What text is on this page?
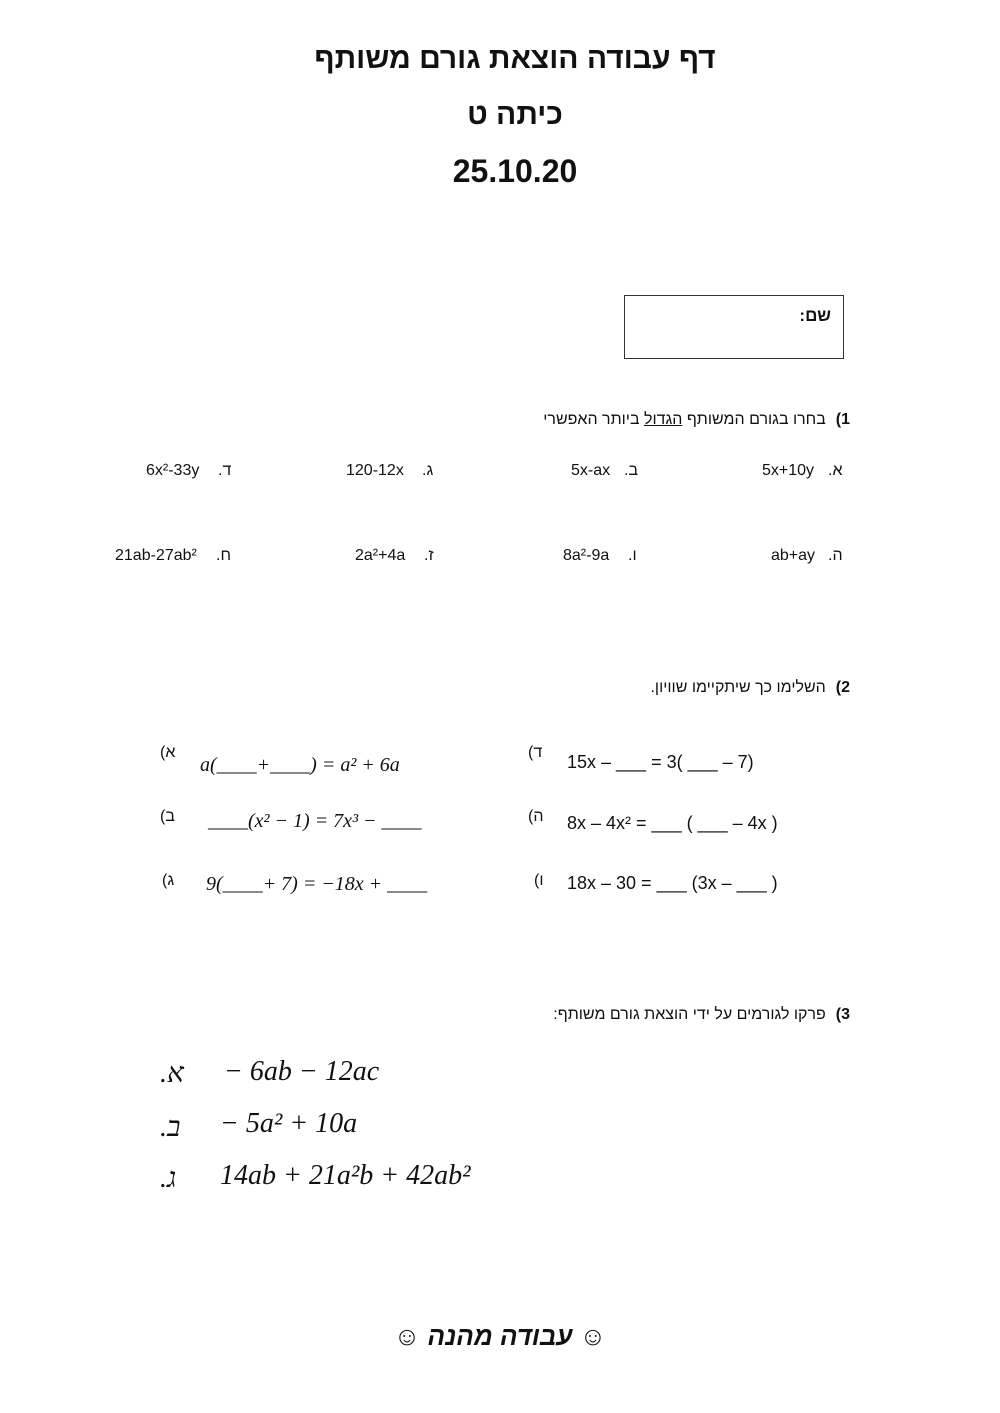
דף עבודה הוצאת גורם משותף
כיתה ט
25.10.20
שם:
1)בחרו בגורם המשותף הגדול ביותר האפשרי
5x+10y א.
5x-ax ב.
120-12x ג.
6x²-33y ד.
ab+ay ה.
8a²-9a ו.
2a²+4a ז.
21ab-27ab² ח.
2)השלימו כך שיתקיימו שוויון.
א)
a(____+____) = a² + 6a
ב) ____(x² − 1) = 7x³ − ____
ג) 9(____+ 7) = −18x + ____
ד) 15x – ___ = 3( ___ – 7)
ה) 8x – 4x² = ___ ( ___ – 4x )
ו) 18x – 30 = ___ (3x – ___ )
3)פרקו לגורמים על ידי הוצאת גורם משותף:
א. − 6ab − 12ac
ב. − 5a² + 10a
ג. 14ab + 21a²b + 42ab²
☺ עבודה מהנה ☺
